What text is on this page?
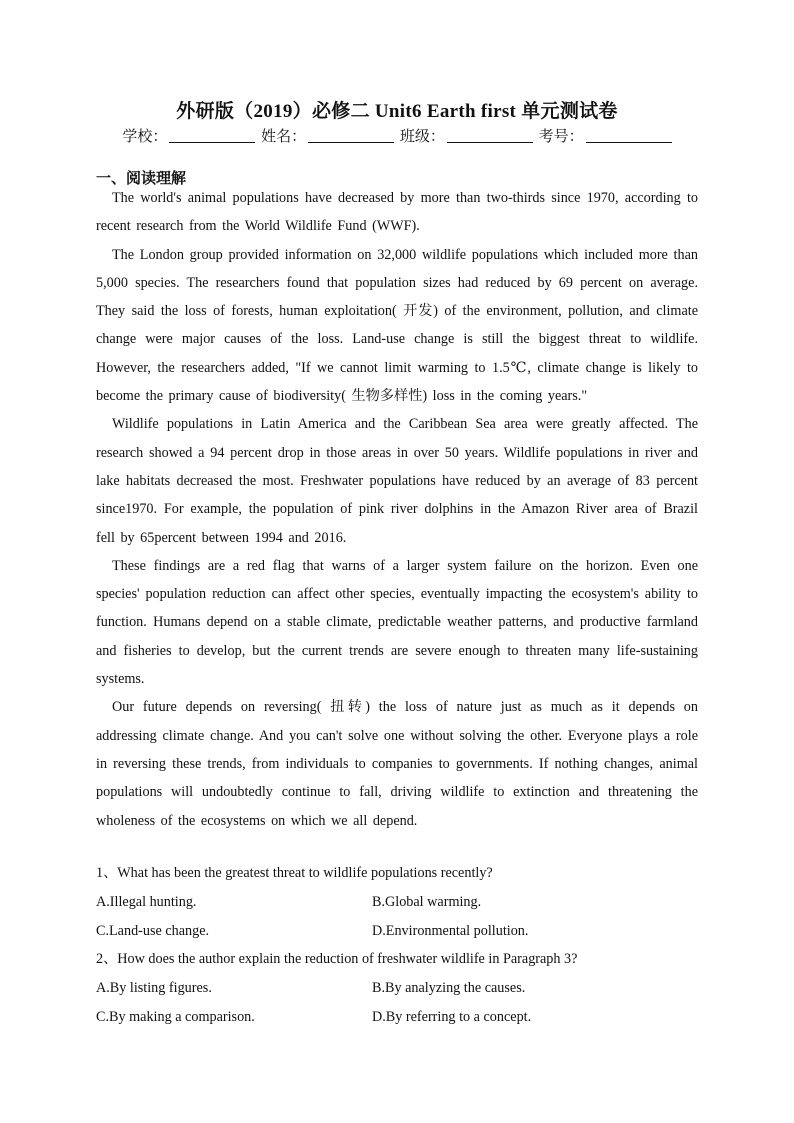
外研版（2019）必修二 Unit6 Earth first 单元测试卷
学校：	姓名：	班级：	考号：
一、阅读理解

The world's animal populations have decreased by more than two-thirds since 1970, according to recent research from the World Wildlife Fund (WWF).

The London group provided information on 32,000 wildlife populations which included more than 5,000 species. The researchers found that population sizes had reduced by 69 percent on average. They said the loss of forests, human exploitation( 开发) of the environment, pollution, and climate change were major causes of the loss. Land-use change is still the biggest threat to wildlife. However, the researchers added, "If we cannot limit warming to 1.5℃, climate change is likely to become the primary cause of biodiversity( 生物多样性) loss in the coming years."

Wildlife populations in Latin America and the Caribbean Sea area were greatly affected. The research showed a 94 percent drop in those areas in over 50 years. Wildlife populations in river and lake habitats decreased the most. Freshwater populations have reduced by an average of 83 percent since1970. For example, the population of pink river dolphins in the Amazon River area of Brazil fell by 65percent between 1994 and 2016.

These findings are a red flag that warns of a larger system failure on the horizon. Even one species' population reduction can affect other species, eventually impacting the ecosystem's ability to function. Humans depend on a stable climate, predictable weather patterns, and productive farmland and fisheries to develop, but the current trends are severe enough to threaten many life-sustaining systems.

Our future depends on reversing( 扭转) the loss of nature just as much as it depends on addressing climate change. And you can't solve one without solving the other. Everyone plays a role in reversing these trends, from individuals to companies to governments. If nothing changes, animal populations will undoubtedly continue to fall, driving wildlife to extinction and threatening the wholeness of the ecosystems on which we all depend.

1、What has been the greatest threat to wildlife populations recently?
A.Illegal hunting.	B.Global warming.
C.Land-use change.	D.Environmental pollution.
2、How does the author explain the reduction of freshwater wildlife in Paragraph 3?
A.By listing figures.	B.By analyzing the causes.
C.By making a comparison.	D.By referring to a concept.
